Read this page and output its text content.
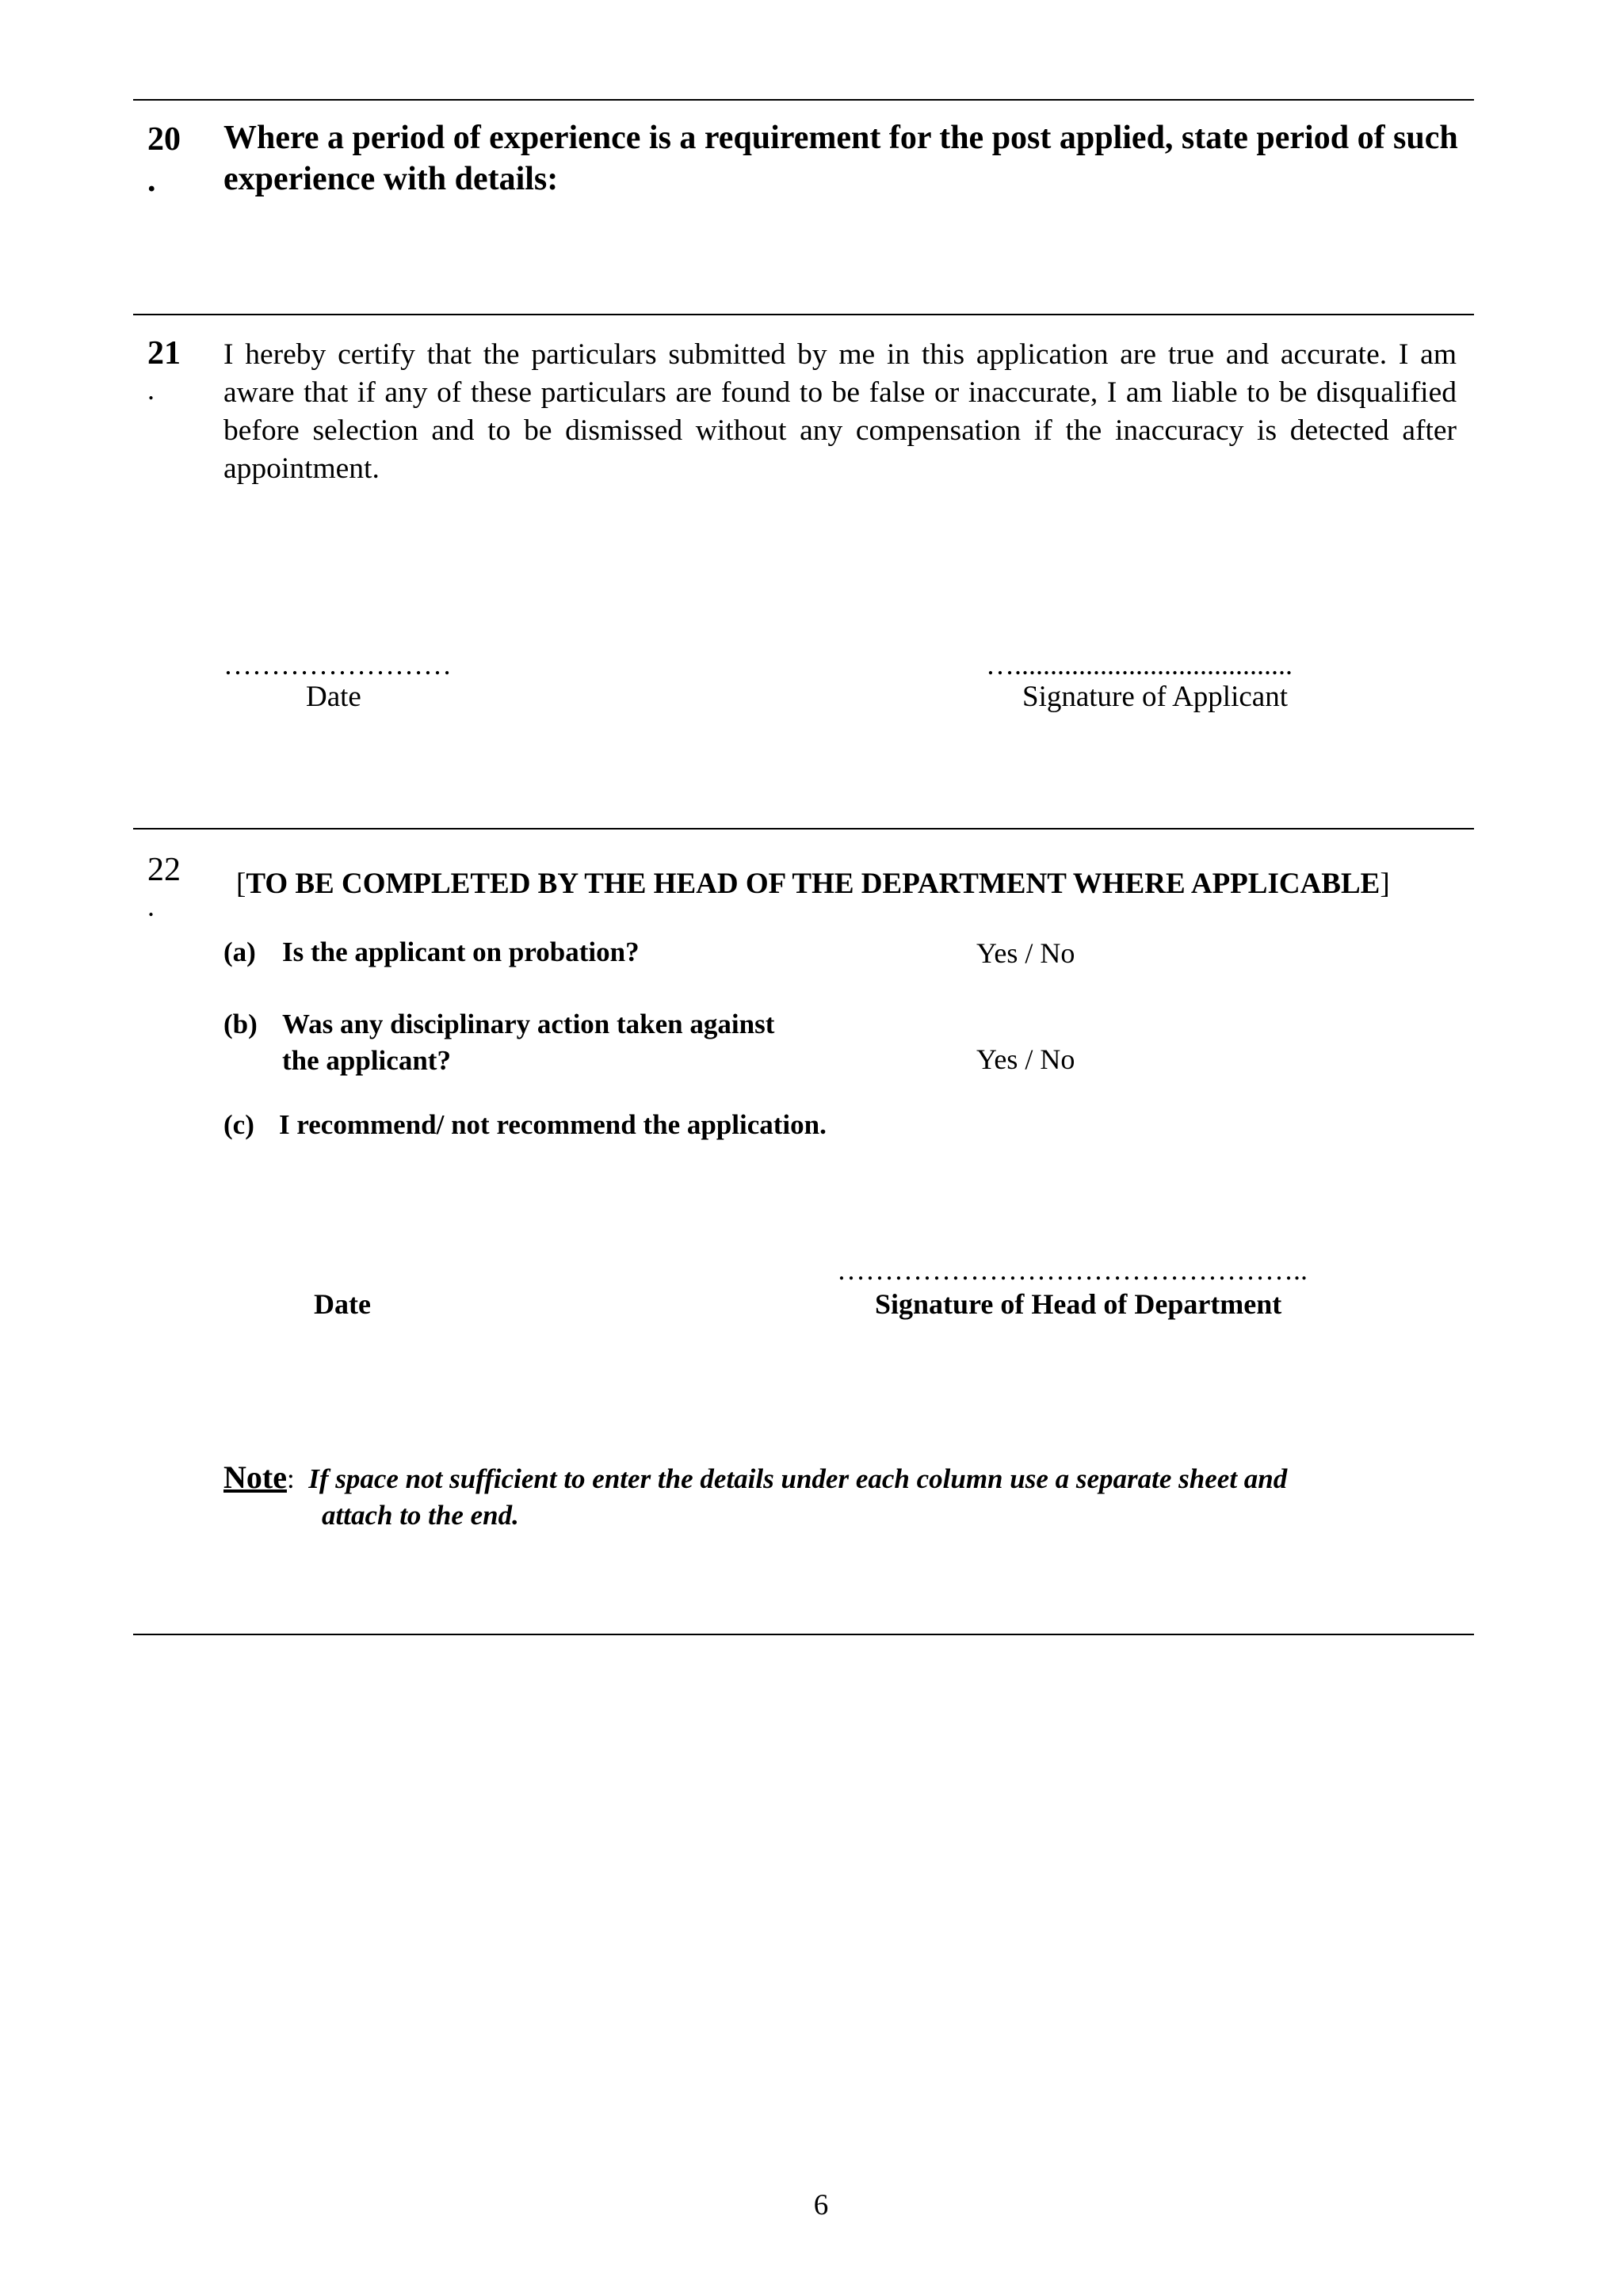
20
.
Where a period of experience is a requirement for the post applied, state period of such experience with details:
21
.
I hereby certify that the particulars submitted by me in this application are true and accurate. I am aware that if any of these particulars are found to be false or inaccurate, I am liable to be disqualified before selection and to be dismissed without any compensation if the inaccuracy is detected after appointment.
……………………
Date
….......................................
Signature of Applicant
22
.
[TO BE COMPLETED BY THE HEAD OF THE DEPARTMENT WHERE APPLICABLE]
(a) Is the applicant on probation?	Yes / No
(b) Was any disciplinary action taken against
the applicant?	Yes / No
(c) I recommend/ not recommend the application.
Date
…………………………………………..
Signature of Head of Department
Note: If space not sufficient to enter the details under each column use a separate sheet and
attach to the end.
6
